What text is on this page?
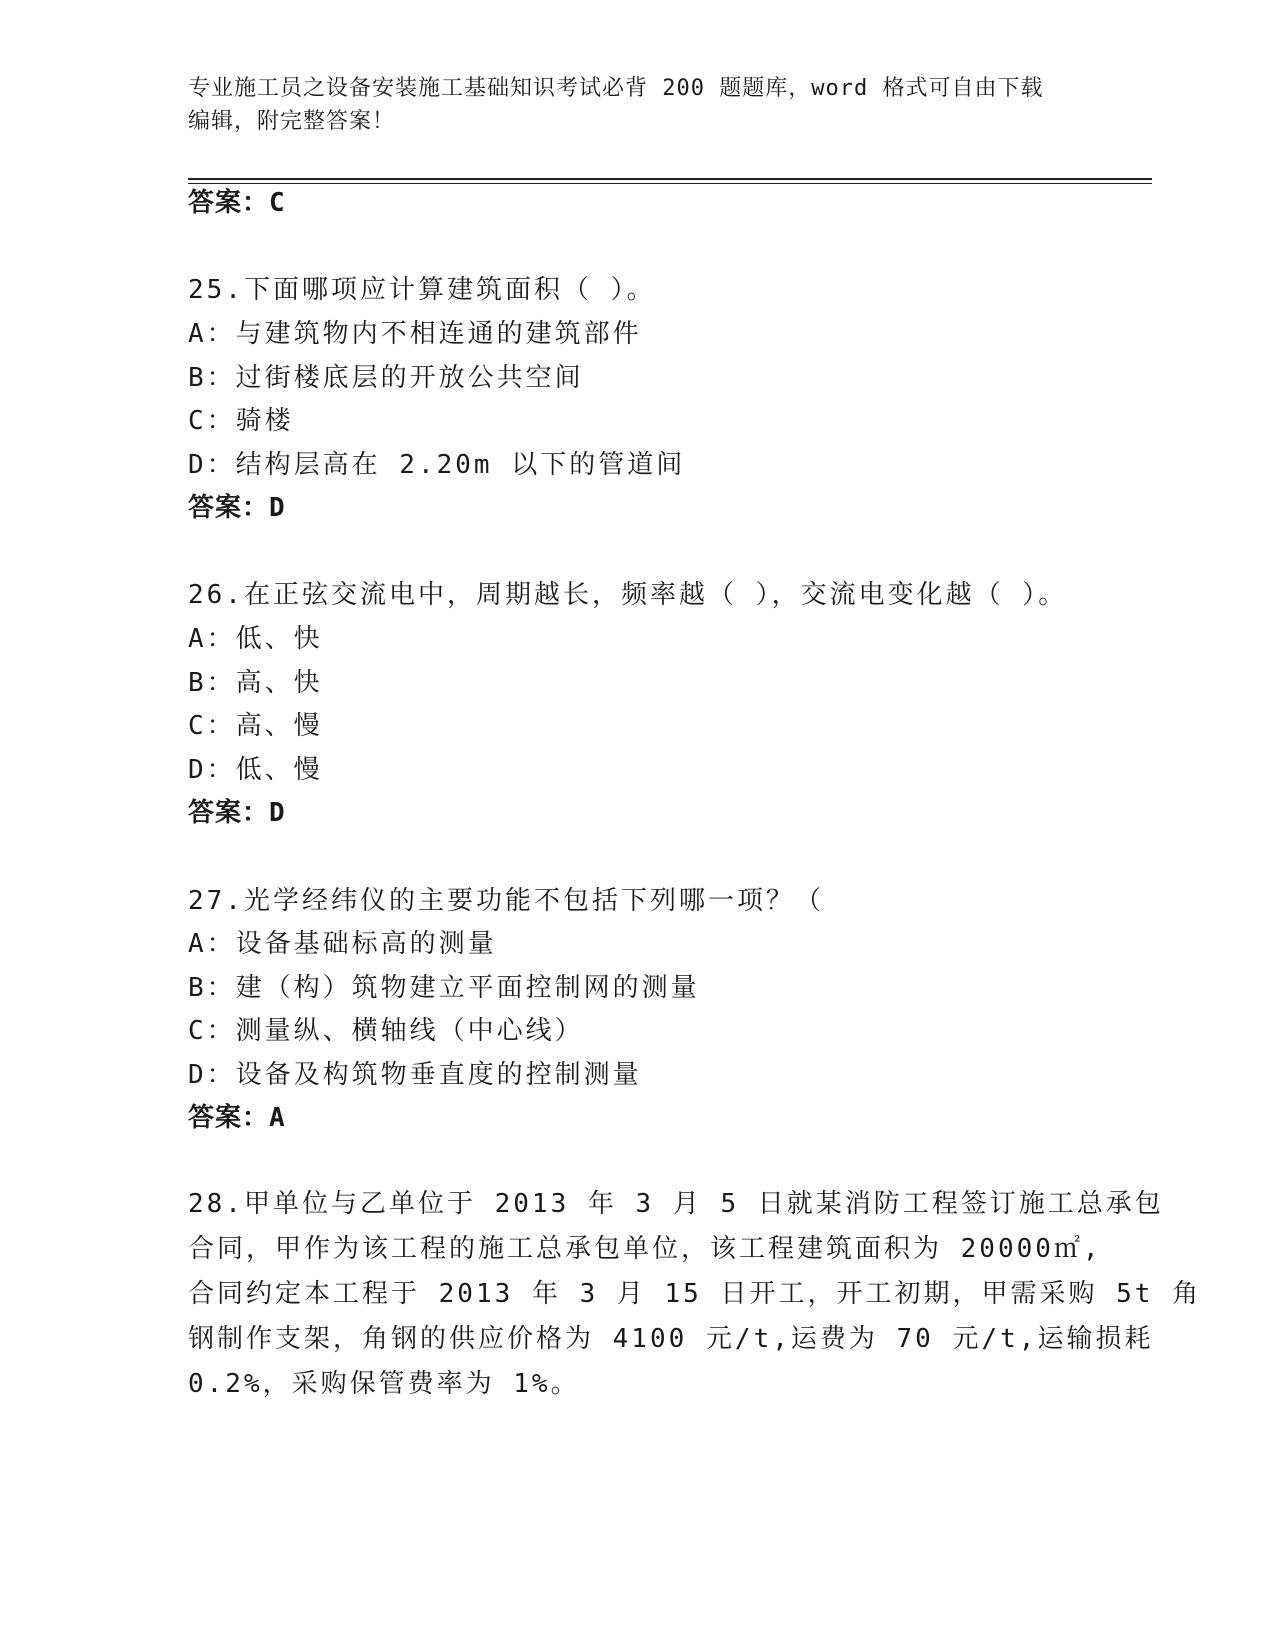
专业施工员之设备安装施工基础知识考试必背 200 题题库，word 格式可自由下载
编辑，附完整答案！
答案：C
25.下面哪项应计算建筑面积（ ）。
A：与建筑物内不相连通的建筑部件
B：过街楼底层的开放公共空间
C：骑楼
D：结构层高在 2.20m 以下的管道间
答案：D
26.在正弦交流电中，周期越长，频率越（ ），交流电变化越（ ）。
A：低、快
B：高、快
C：高、慢
D：低、慢
答案：D
27.光学经纬仪的主要功能不包括下列哪一项？（
A：设备基础标高的测量
B：建（构）筑物建立平面控制网的测量
C：测量纵、横轴线（中心线）
D：设备及构筑物垂直度的控制测量
答案：A
28.甲单位与乙单位于 2013 年 3 月 5 日就某消防工程签订施工总承包
合同，甲作为该工程的施工总承包单位，该工程建筑面积为 20000㎡,
合同约定本工程于 2013 年 3 月 15 日开工，开工初期，甲需采购 5t 角
钢制作支架，角钢的供应价格为 4100 元/t,运费为 70 元/t,运输损耗
0.2%，采购保管费率为 1%。
